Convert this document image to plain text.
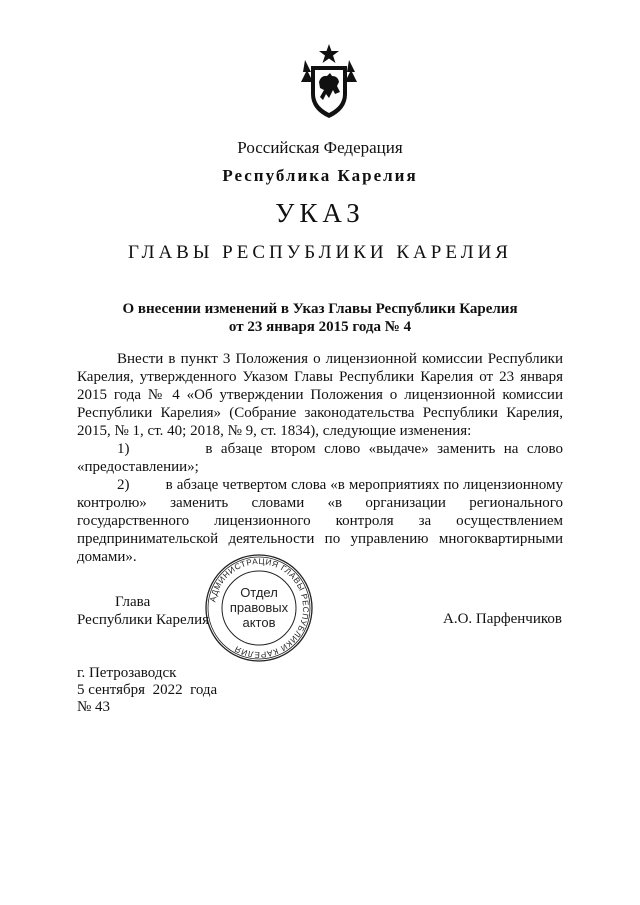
Российская Федерация
Республика Карелия
УКАЗ
ГЛАВЫ РЕСПУБЛИКИ КАРЕЛИЯ
О внесении изменений в Указ Главы Республики Карелия
от 23 января 2015 года № 4

Внести в пункт 3 Положения о лицензионной комиссии Республики Карелия, утвержденного Указом Главы Республики Карелия от 23 января 2015 года № 4 «Об утверждении Положения о лицензионной комиссии Республики Карелия» (Собрание законодательства Республики Карелия, 2015, № 1, ст. 40; 2018, № 9, ст. 1834), следующие изменения:

1)	в абзаце втором слово «выдаче» заменить на слово «предоставлении»;

2) в абзаце четвертом слова «в мероприятиях по лицензионному контролю» заменить словами «в организации регионального государственного лицензионного контроля за осуществлением предпринимательской деятельности по управлению многоквартирными домами».

АДМИНИСТРАЦИЯ ГЛАВЫ РЕСПУБЛИКИ КАРЕЛИЯ
Отдел
правовых
актов
Глава
Республики Карелия	А.О. Парфенчиков
г. Петрозаводск
5 сентября  2022  года
№ 43
